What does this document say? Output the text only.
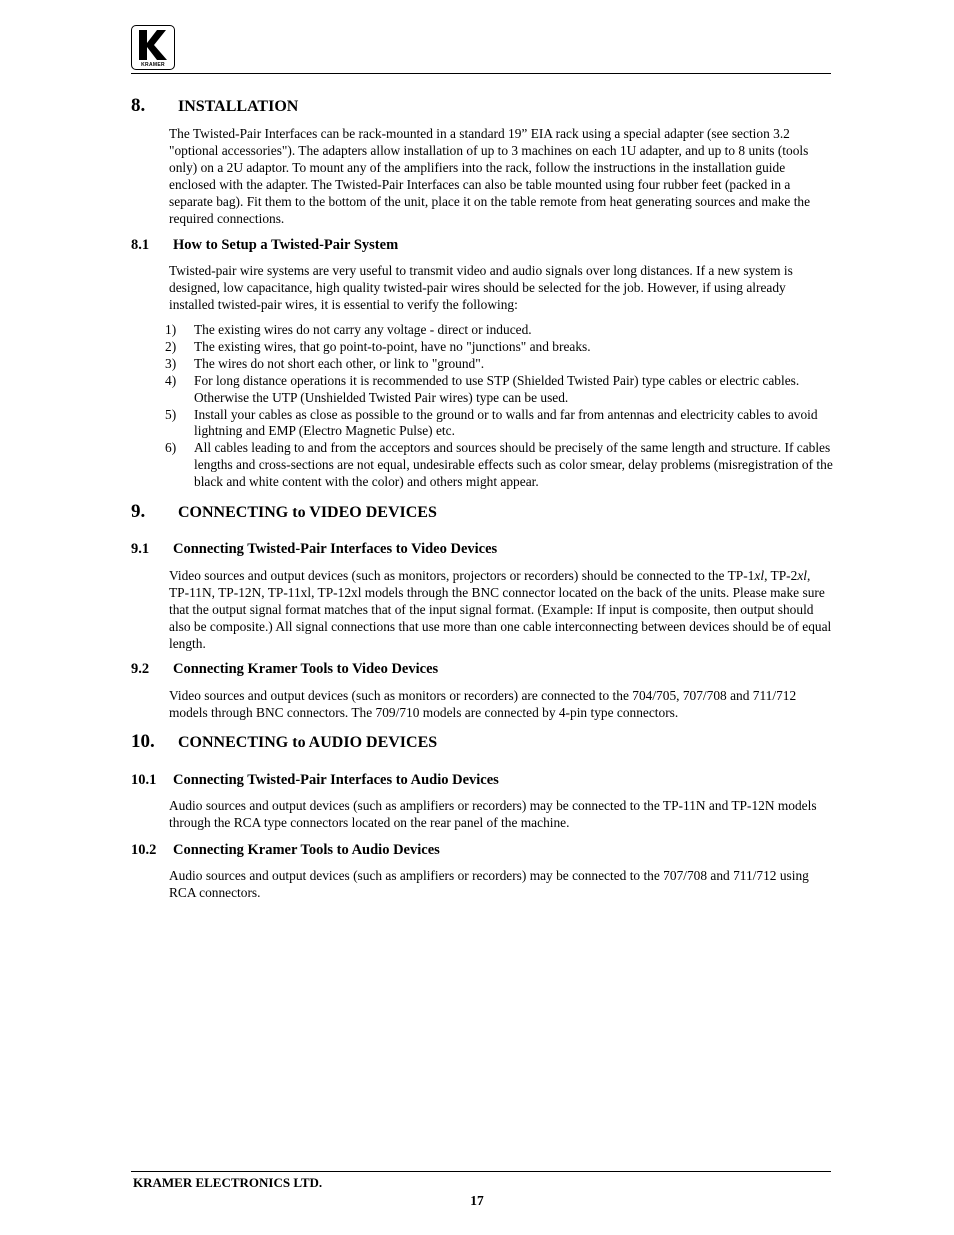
KRAMER
8. INSTALLATION
The Twisted-Pair Interfaces can be rack-mounted in a standard 19” EIA rack using a special adapter (see section 3.2 "optional accessories"). The adapters allow installation of up to 3 machines on each 1U adapter, and up to 8 units (tools only) on a 2U adaptor. To mount any of the amplifiers into the rack, follow the instructions in the installation guide enclosed with the adapter. The Twisted-Pair Interfaces can also be table mounted using four rubber feet (packed in a separate bag). Fit them to the bottom of the unit, place it on the table remote from heat generating sources and make the required connections.
8.1 How to Setup a Twisted-Pair System
Twisted-pair wire systems are very useful to transmit video and audio signals over long distances. If a new system is designed, low capacitance, high quality twisted-pair wires should be selected for the job. However, if using already installed twisted-pair wires, it is essential to verify the following:
1) The existing wires do not carry any voltage - direct or induced.
2) The existing wires, that go point-to-point, have no "junctions" and breaks.
3) The wires do not short each other, or link to "ground".
4) For long distance operations it is recommended to use STP (Shielded Twisted Pair) type cables or electric cables. Otherwise the UTP (Unshielded Twisted Pair wires) type can be used.
5) Install your cables as close as possible to the ground or to walls and far from antennas and electricity cables to avoid lightning and EMP (Electro Magnetic Pulse) etc.
6) All cables leading to and from the acceptors and sources should be precisely of the same length and structure. If cables lengths and cross-sections are not equal, undesirable effects such as color smear, delay problems (misregistration of the black and white content with the color) and others might appear.
9. CONNECTING to VIDEO DEVICES
9.1 Connecting Twisted-Pair Interfaces to Video Devices
Video sources and output devices (such as monitors, projectors or recorders) should be connected to the TP-1xl, TP-2xl, TP-11N, TP-12N, TP-11xl, TP-12xl models through the BNC connector located on the back of the units. Please make sure that the output signal format matches that of the input signal format. (Example: If input is composite, then output should also be composite.) All signal connections that use more than one cable interconnecting between devices should be of equal length.
9.2 Connecting Kramer Tools to Video Devices
Video sources and output devices (such as monitors or recorders) are connected to the 704/705, 707/708 and 711/712 models through BNC connectors. The 709/710 models are connected by 4-pin type connectors.
10. CONNECTING to AUDIO DEVICES
10.1 Connecting Twisted-Pair Interfaces to Audio Devices
Audio sources and output devices (such as amplifiers or recorders) may be connected to the TP-11N and TP-12N models through the RCA type connectors located on the rear panel of the machine.
10.2 Connecting Kramer Tools to Audio Devices
Audio sources and output devices (such as amplifiers or recorders) may be connected to the 707/708 and 711/712 using RCA connectors.
KRAMER ELECTRONICS LTD.
17
